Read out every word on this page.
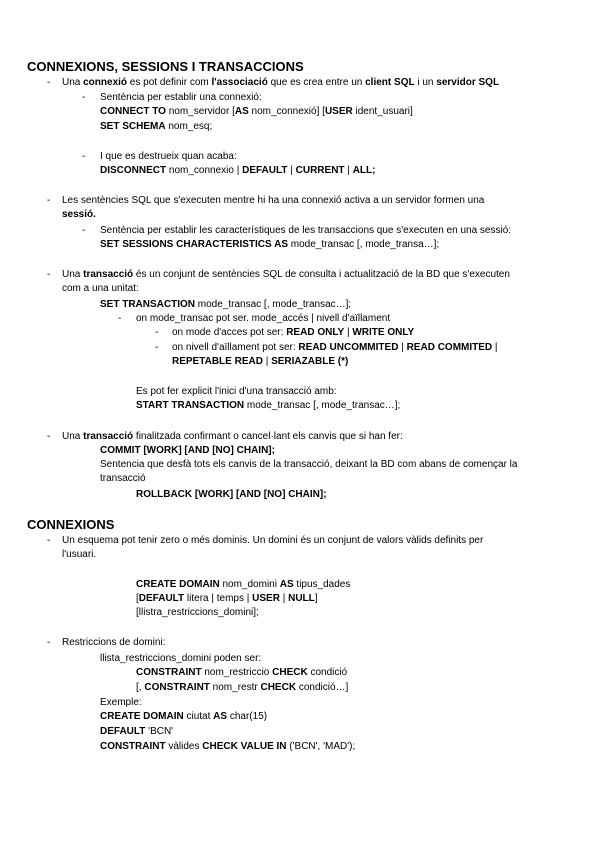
CONNEXIONS, SESSIONS I TRANSACCIONS
- Una connexió es pot definir com l'associació que es crea entre un client SQL i un servidor SQL
- Sentència per establir una connexió:
CONNECT TO nom_servidor [AS nom_connexió] [USER ident_usuari]
SET SCHEMA nom_esq;
- I que es destrueix quan acaba:
DISCONNECT nom_connexio | DEFAULT | CURRENT | ALL;
- Les sentències SQL que s'executen mentre hi ha una connexió activa a un servidor formen una
sessió.
- Sentència per establir les característiques de les transaccions que s'executen en una sessió:
SET SESSIONS CHARACTERISTICS AS mode_transac [, mode_transa…];
- Una transacció és un conjunt de sentències SQL de consulta i actualització de la BD que s'executen
com a una unitat:
SET TRANSACTION mode_transac [, mode_transac…];
- on mode_transac pot ser. mode_accés | nivell d'aïllament
- on mode d'acces pot ser: READ ONLY | WRITE ONLY
- on nivell d'aïllament pot ser: READ UNCOMMITED | READ COMMITED |
REPETABLE READ | SERIAZABLE (*)
Es pot fer explicit l'inici d'una transacció amb:
START TRANSACTION mode_transac [, mode_transac…];
- Una transacció finalitzada confirmant o cancel·lant els canvis que si han fer:
COMMIT [WORK] [AND [NO] CHAIN];
Sentencia que desfà tots els canvis de la transacció, deixant la BD com abans de començar la
transacció
ROLLBACK [WORK] [AND [NO] CHAIN];
CONNEXIONS
- Un esquema pot tenir zero o més dominis. Un domini és un conjunt de valors vàlids definits per
l'usuari.
CREATE DOMAIN nom_domini AS tipus_dades
[DEFAULT litera | temps | USER | NULL]
[llistra_restriccions_domini];
- Restriccions de domini:
llista_restriccions_domini poden ser:
CONSTRAINT nom_restriccio CHECK condició
[, CONSTRAINT nom_restr CHECK condició…]
Exemple:
CREATE DOMAIN ciutat AS char(15)
DEFAULT 'BCN'
CONSTRAINT vàlides CHECK VALUE IN ('BCN', 'MAD');
